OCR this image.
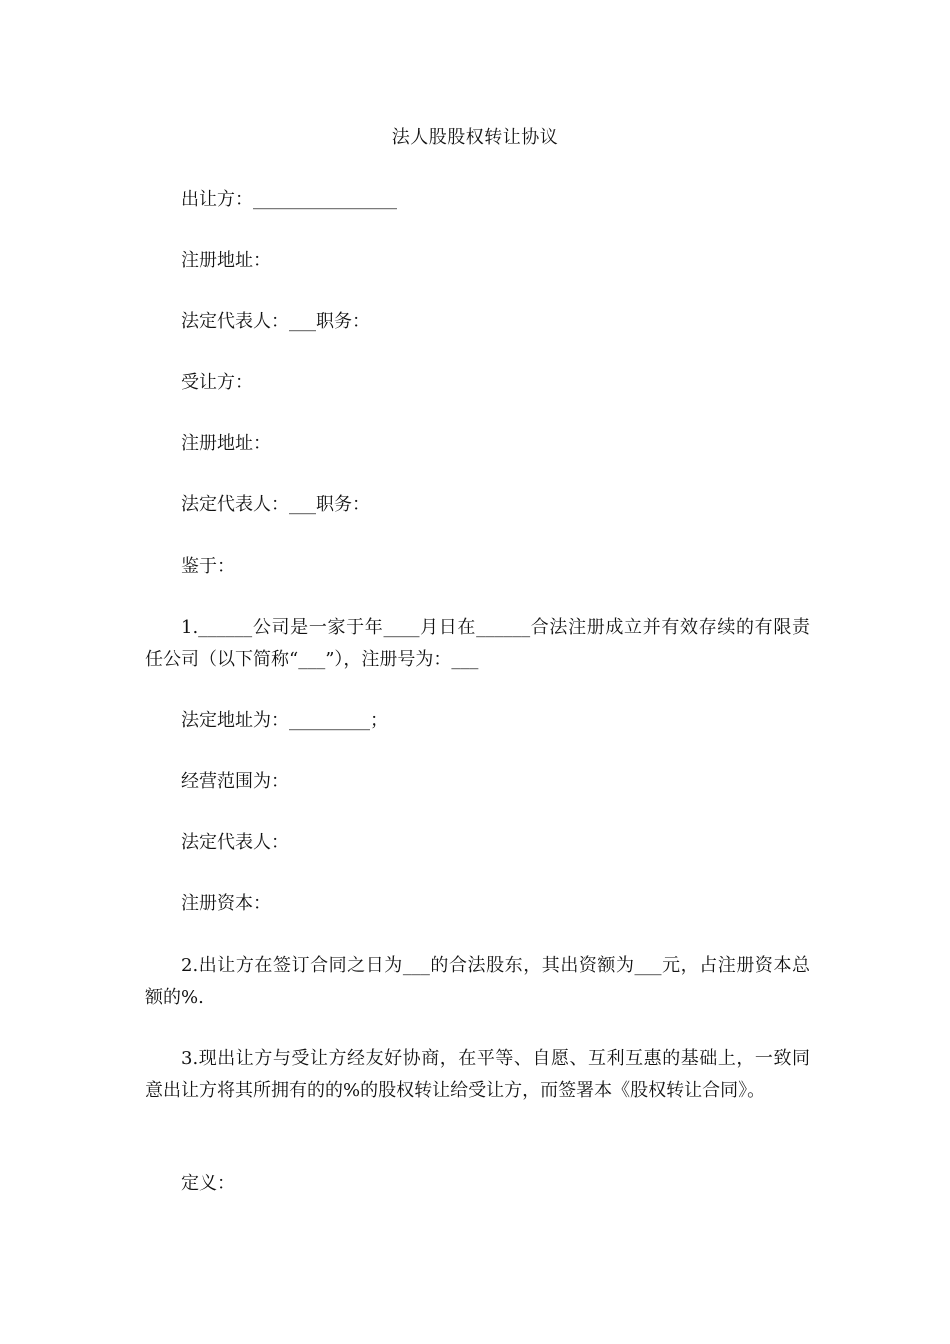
法人股股权转让协议
出让方：________________
注册地址：
法定代表人：___职务：
受让方：
注册地址：
法定代表人：___职务：
鉴于：
1.______公司是一家于年____月日在______合法注册成立并有效存续的有限责任公司（以下简称“___”），注册号为：___
法定地址为：_________；
经营范围为：
法定代表人：
注册资本：
2.出让方在签订合同之日为___的合法股东，其出资额为___元，占注册资本总额的%.
3.现出让方与受让方经友好协商，在平等、自愿、互利互惠的基础上，一致同意出让方将其所拥有的的%的股权转让给受让方，而签署本《股权转让合同》。
定义：
